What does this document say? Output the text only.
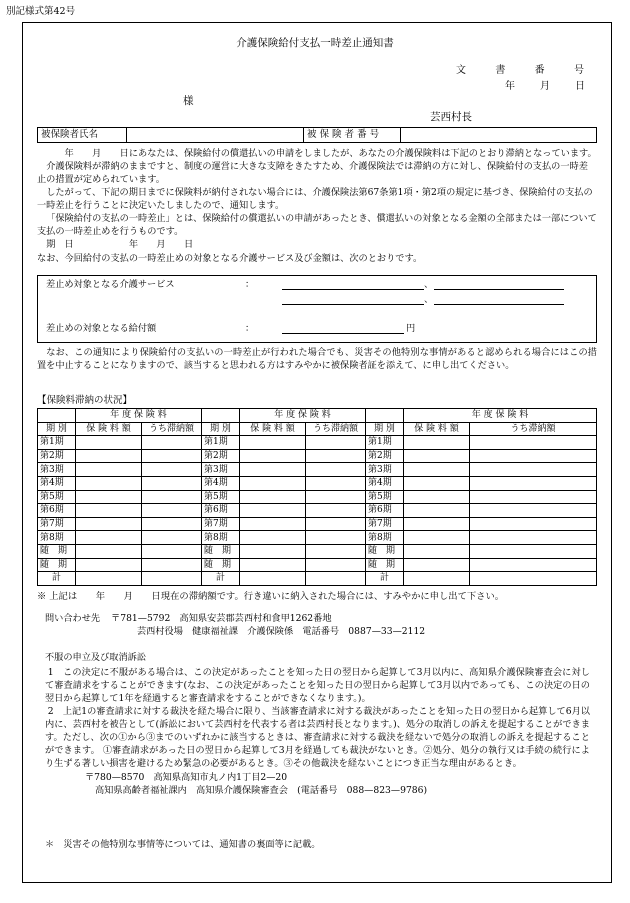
別記様式第42号
介護保険給付支払一時差止通知書
文	書	番	号
年	月	日
様
芸西村長
被保険者氏名		被 保 険 者 番 号	

　　年　　月　　日にあなたは、保険給付の償還払いの申請をしましたが、あなたの介護保険料は下記のとおり滞納となっています。

介護保険料が滞納のままですと、制度の運営に大きな支障をきたすため、介護保険法では滞納の方に対し、保険給付の支払の一時差止の措置が定められています。

したがって、下記の期日までに保険料が納付されない場合には、介護保険法第67条第1項・第2項の規定に基づき、保険給付の支払の一時差止を行うことに決定いたしましたので、通知します。

「保険給付の支払の一時差止」とは、保険給付の償還払いの申請があったとき、償還払いの対象となる金額の全部または一部について支払の一時差止めを行うものです。

期　日　　　　　　年　　月　　日

なお、今回給付の支払の一時差止めの対象となる介護サービス及び金額は、次のとおりです。

差止め対象となる介護サービス	：	、
、
差止めの対象となる給付額	：	円

なお、この通知により保険給付の支払いの一時差止が行われた場合でも、災害その他特別な事情があると認められる場合にはこの措置を中止することになりますので、該当すると思われる方はすみやかに被保険者証を添えて、に申し出てください。

【保険料滞納の状況】
	年 度 保 険 料			年 度 保 険 料			年 度 保 険 料	
期 別	保 険 料 額	うち滞納額	期 別	保 険 料 額	うち滞納額	期 別	保 険 料 額	うち滞納額
第1期			第1期			第1期		
第2期			第2期			第2期		
第3期			第3期			第3期		
第4期			第4期			第4期		
第5期			第5期			第5期		
第6期			第6期			第6期		
第7期			第7期			第7期		
第8期			第8期			第8期		
随　期			随　期			随　期		
随　期			随　期			随　期		
計			計			計		
※ 上記は　　年　　月　　日現在の滞納額です。行き違いに納入された場合には、すみやかに申し出て下さい。
問い合わせ先 〒781—5792　高知県安芸郡芸西村和食甲1262番地
芸西村役場　健康福祉課　介護保険係　電話番号　0887—33—2112
不服の申立及び取消訴訟

1　この決定に不服がある場合は、この決定があったことを知った日の翌日から起算して3月以内に、高知県介護保険審査会に対して審査請求をすることができます(なお、この決定があったことを知った日の翌日から起算して3月以内であっても、この決定の日の翌日から起算して1年を経過すると審査請求をすることができなくなります。)。

2　上記1の審査請求に対する裁決を経た場合に限り、当該審査請求に対する裁決があったことを知った日の翌日から起算して6月以内に、芸西村を被告として(訴訟において芸西村を代表する者は芸西村長となります。)、処分の取消しの訴えを提起することができます。ただし、次の①から③までのいずれかに該当するときは、審査請求に対する裁決を経ないで処分の取消しの訴えを提起することができます。 ①審査請求があった日の翌日から起算して3月を経過しても裁決がないとき。②処分、処分の執行又は手続の続行により生ずる著しい損害を避けるため緊急の必要があるとき。③その他裁決を経ないことにつき正当な理由があるとき。

〒780—8570　高知県高知市丸ノ内1丁目2—20

高知県高齢者福祉課内　高知県介護保険審査会　(電話番号　088—823—9786)

＊　災害その他特別な事情等については、通知書の裏面等に記載。
